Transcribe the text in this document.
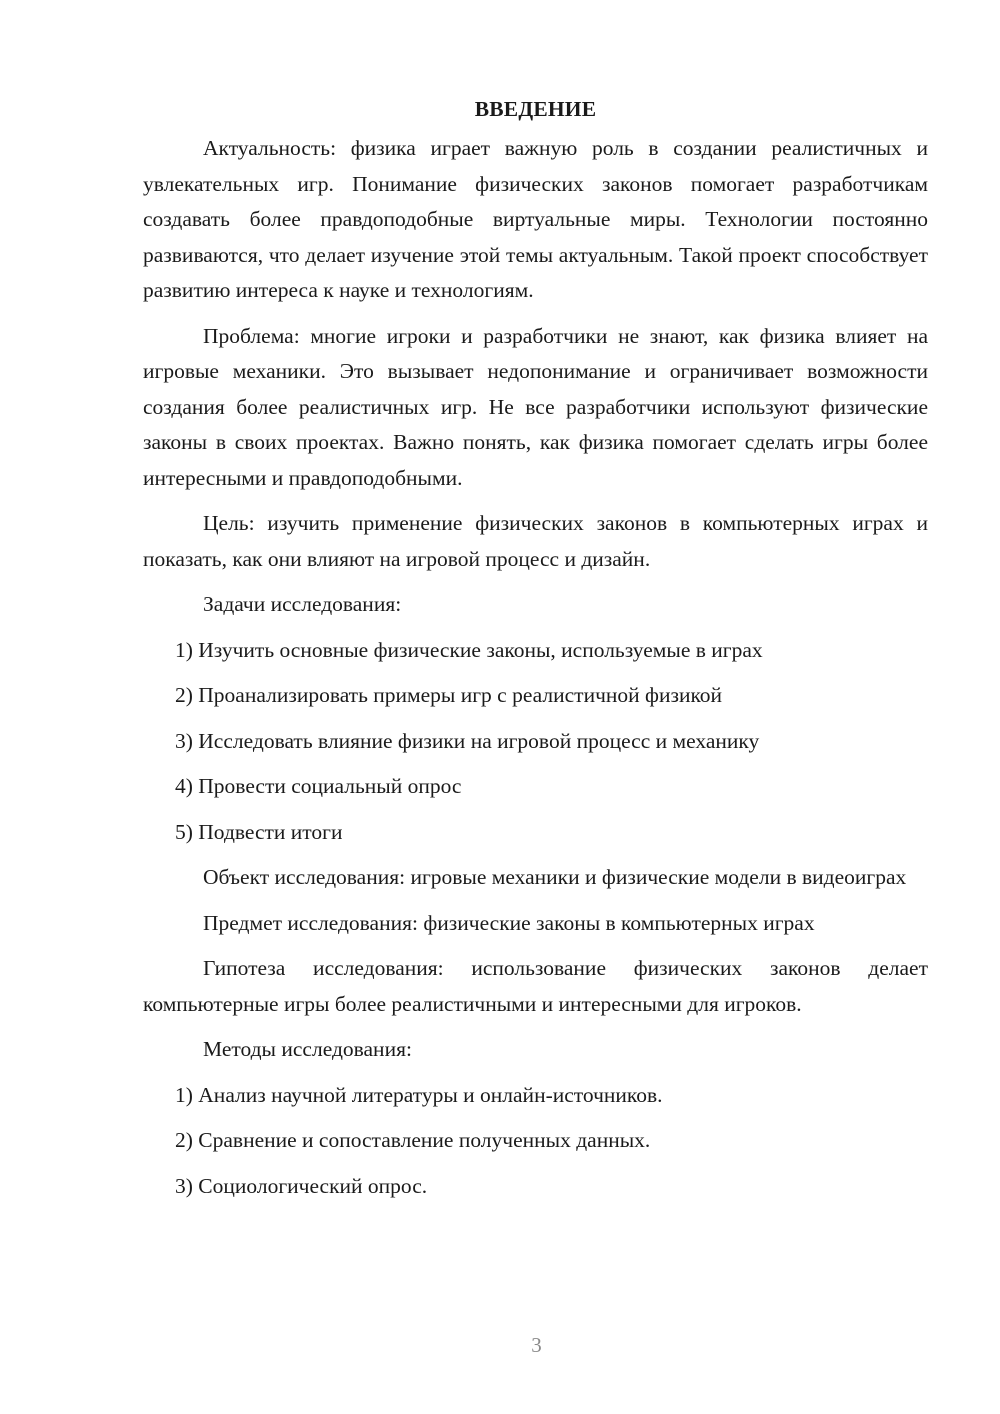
ВВЕДЕНИЕ

Актуальность: физика играет важную роль в создании реалистичных и увлекательных игр. Понимание физических законов помогает разработчикам создавать более правдоподобные виртуальные миры. Технологии постоянно развиваются, что делает изучение этой темы актуальным. Такой проект способствует развитию интереса к науке и технологиям.

Проблема: многие игроки и разработчики не знают, как физика влияет на игровые механики. Это вызывает недопонимание и ограничивает возможности создания более реалистичных игр. Не все разработчики используют физические законы в своих проектах. Важно понять, как физика помогает сделать игры более интересными и правдоподобными.

Цель: изучить применение физических законов в компьютерных играх и показать, как они влияют на игровой процесс и дизайн.

Задачи исследования:
1) Изучить основные физические законы, используемые в играх
2) Проанализировать примеры игр с реалистичной физикой
3) Исследовать влияние физики на игровой процесс и механику
4) Провести социальный опрос
5) Подвести итоги

Объект исследования: игровые механики и физические модели в видеоиграх

Предмет исследования: физические законы в компьютерных играх

Гипотеза исследования: использование физических законов делает компьютерные игры более реалистичными и интересными для игроков.

Методы исследования:
1) Анализ научной литературы и онлайн-источников.
2) Сравнение и сопоставление полученных данных.
3) Социологический опрос.
3
